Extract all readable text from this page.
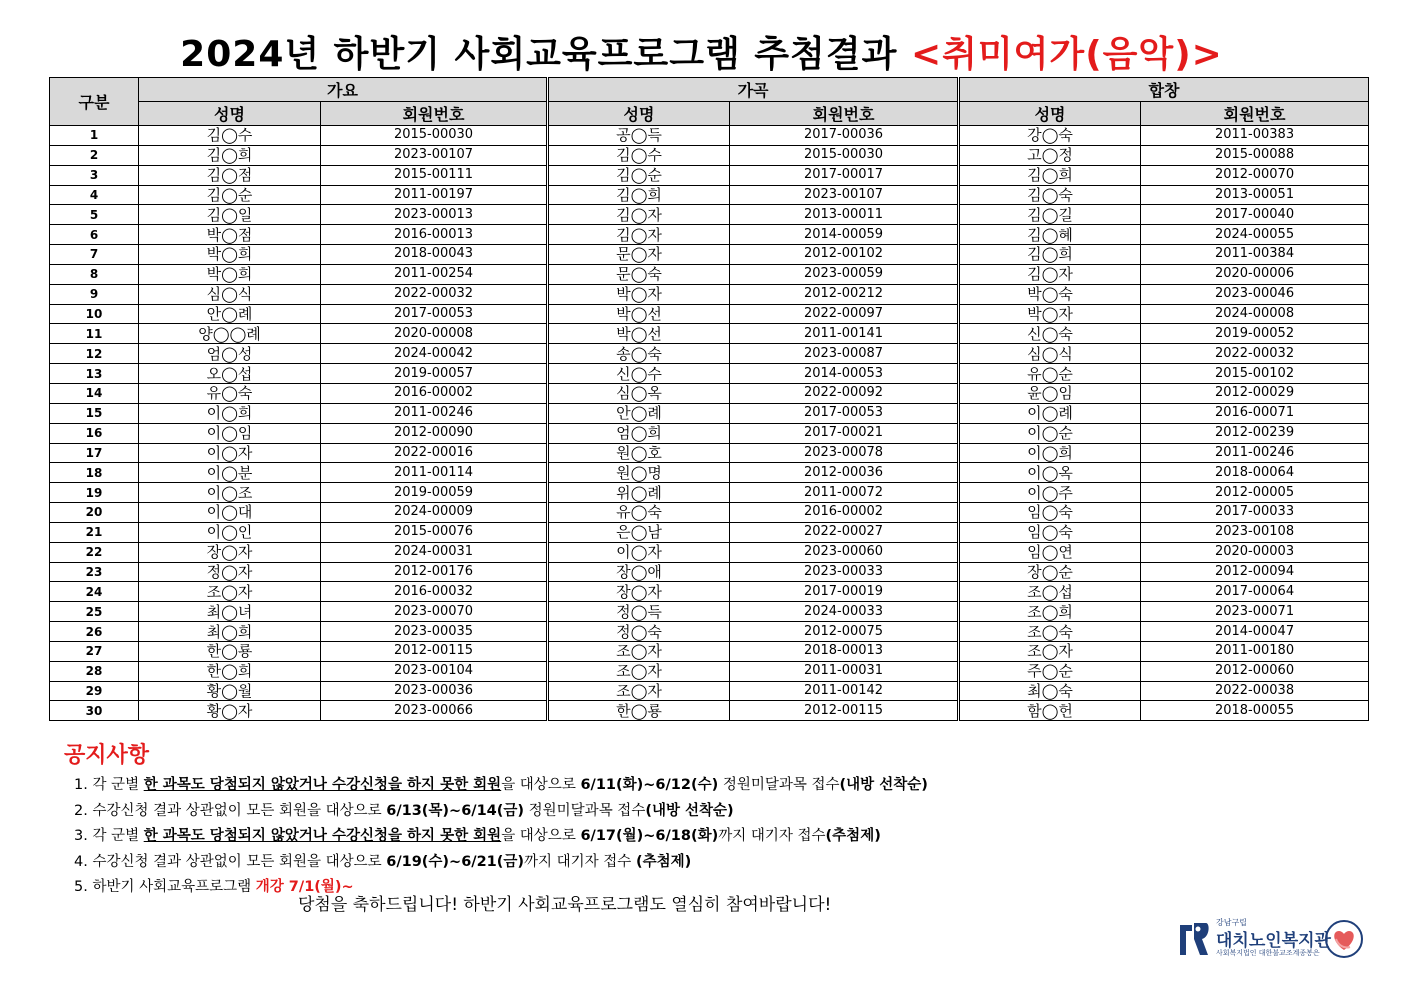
2024년 하반기 사회교육프로그램 추첨결과 <취미여가(음악)>
구분	가요		가곡		합창	
	성명	회원번호	성명	회원번호	성명	회원번호
1	김◯수	2015-00030	공◯득	2017-00036	강◯숙	2011-00383
2	김◯희	2023-00107	김◯수	2015-00030	고◯정	2015-00088
3	김◯점	2015-00111	김◯순	2017-00017	김◯희	2012-00070
4	김◯순	2011-00197	김◯희	2023-00107	김◯숙	2013-00051
5	김◯일	2023-00013	김◯자	2013-00011	김◯길	2017-00040
6	박◯점	2016-00013	김◯자	2014-00059	김◯혜	2024-00055
7	박◯희	2018-00043	문◯자	2012-00102	김◯희	2011-00384
8	박◯희	2011-00254	문◯숙	2023-00059	김◯자	2020-00006
9	심◯식	2022-00032	박◯자	2012-00212	박◯숙	2023-00046
10	안◯례	2017-00053	박◯선	2022-00097	박◯자	2024-00008
11	양◯◯례	2020-00008	박◯선	2011-00141	신◯숙	2019-00052
12	엄◯성	2024-00042	송◯숙	2023-00087	심◯식	2022-00032
13	오◯섭	2019-00057	신◯수	2014-00053	유◯순	2015-00102
14	유◯숙	2016-00002	심◯옥	2022-00092	윤◯임	2012-00029
15	이◯희	2011-00246	안◯례	2017-00053	이◯례	2016-00071
16	이◯임	2012-00090	엄◯희	2017-00021	이◯순	2012-00239
17	이◯자	2022-00016	원◯호	2023-00078	이◯희	2011-00246
18	이◯분	2011-00114	원◯명	2012-00036	이◯옥	2018-00064
19	이◯조	2019-00059	위◯례	2011-00072	이◯주	2012-00005
20	이◯대	2024-00009	유◯숙	2016-00002	임◯숙	2017-00033
21	이◯인	2015-00076	은◯남	2022-00027	임◯숙	2023-00108
22	장◯자	2024-00031	이◯자	2023-00060	임◯연	2020-00003
23	정◯자	2012-00176	장◯애	2023-00033	장◯순	2012-00094
24	조◯자	2016-00032	장◯자	2017-00019	조◯섭	2017-00064
25	최◯녀	2023-00070	정◯득	2024-00033	조◯희	2023-00071
26	최◯희	2023-00035	정◯숙	2012-00075	조◯숙	2014-00047
27	한◯룡	2012-00115	조◯자	2018-00013	조◯자	2011-00180
28	한◯희	2023-00104	조◯자	2011-00031	주◯순	2012-00060
29	황◯월	2023-00036	조◯자	2011-00142	최◯숙	2022-00038
30	황◯자	2023-00066	한◯룡	2012-00115	함◯헌	2018-00055
공지사항
1. 각 군별 한 과목도 당첨되지 않았거나 수강신청을 하지 못한 회원을 대상으로 6/11(화)~6/12(수) 정원미달과목 접수(내방 선착순)
2. 수강신청 결과 상관없이 모든 회원을 대상으로 6/13(목)~6/14(금) 정원미달과목 접수(내방 선착순)
3. 각 군별 한 과목도 당첨되지 않았거나 수강신청을 하지 못한 회원을 대상으로 6/17(월)~6/18(화)까지 대기자 접수(추첨제)
4. 수강신청 결과 상관없이 모든 회원을 대상으로 6/19(수)~6/21(금)까지 대기자 접수 (추첨제)
5. 하반기 사회교육프로그램 개강 7/1(월)~
당첨을 축하드립니다! 하반기 사회교육프로그램도 열심히 참여바랍니다!
강남구립
대치노인복지관
사회복지법인 대한불교조계종봉은
